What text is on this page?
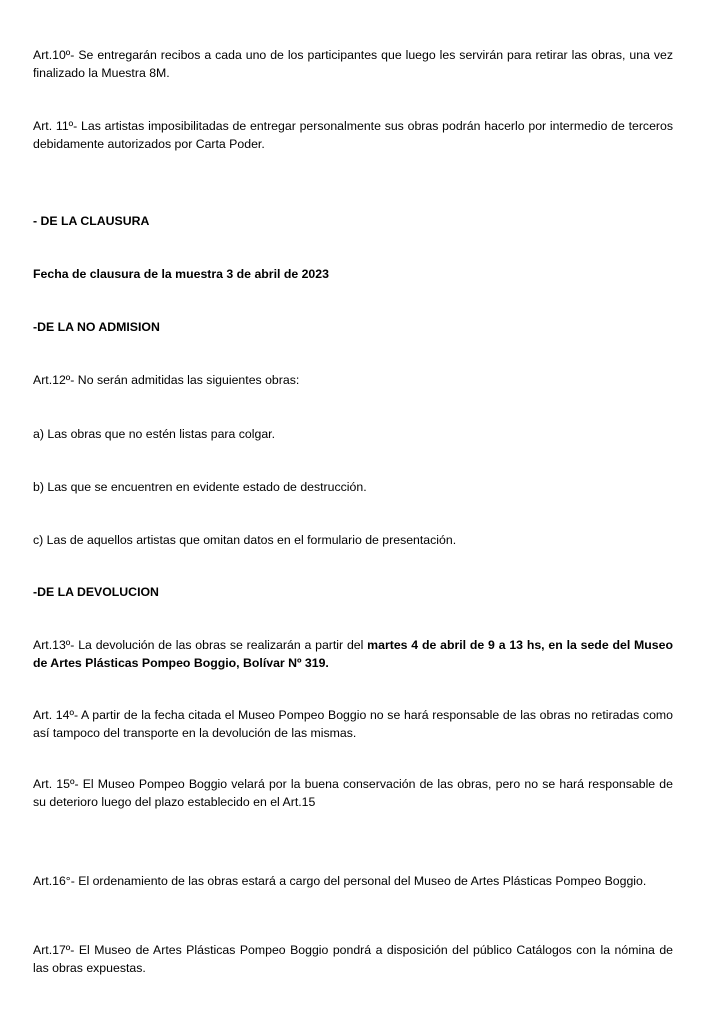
Art.10º- Se entregarán recibos a cada uno de los participantes que luego les servirán para retirar las obras, una vez finalizado la Muestra 8M.

Art. 11º- Las artistas imposibilitadas de entregar personalmente sus obras podrán hacerlo por intermedio de terceros debidamente autorizados por Carta Poder.

- DE LA CLAUSURA

Fecha de clausura de la muestra 3 de abril de 2023

-DE LA NO ADMISION

Art.12º- No serán admitidas las siguientes obras:

a) Las obras que no estén listas para colgar.

b) Las que se encuentren en evidente estado de destrucción.

c) Las de aquellos artistas que omitan datos en el formulario de presentación.

-DE LA DEVOLUCION

Art.13º- La devolución de las obras se realizarán a partir del martes 4 de abril de 9 a 13 hs, en la sede del Museo de Artes Plásticas Pompeo Boggio, Bolívar Nº 319.

Art. 14º- A partir de la fecha citada el Museo Pompeo Boggio no se hará responsable de las obras no retiradas como así tampoco del transporte en la devolución de las mismas.

Art. 15º- El Museo Pompeo Boggio velará por la buena conservación de las obras, pero no se hará responsable de su deterioro luego del plazo establecido en el Art.15

Art.16°- El ordenamiento de las obras estará a cargo del personal del Museo de Artes Plásticas Pompeo Boggio.

Art.17º- El Museo de Artes Plásticas Pompeo Boggio pondrá a disposición del público Catálogos con la nómina de las obras expuestas.
